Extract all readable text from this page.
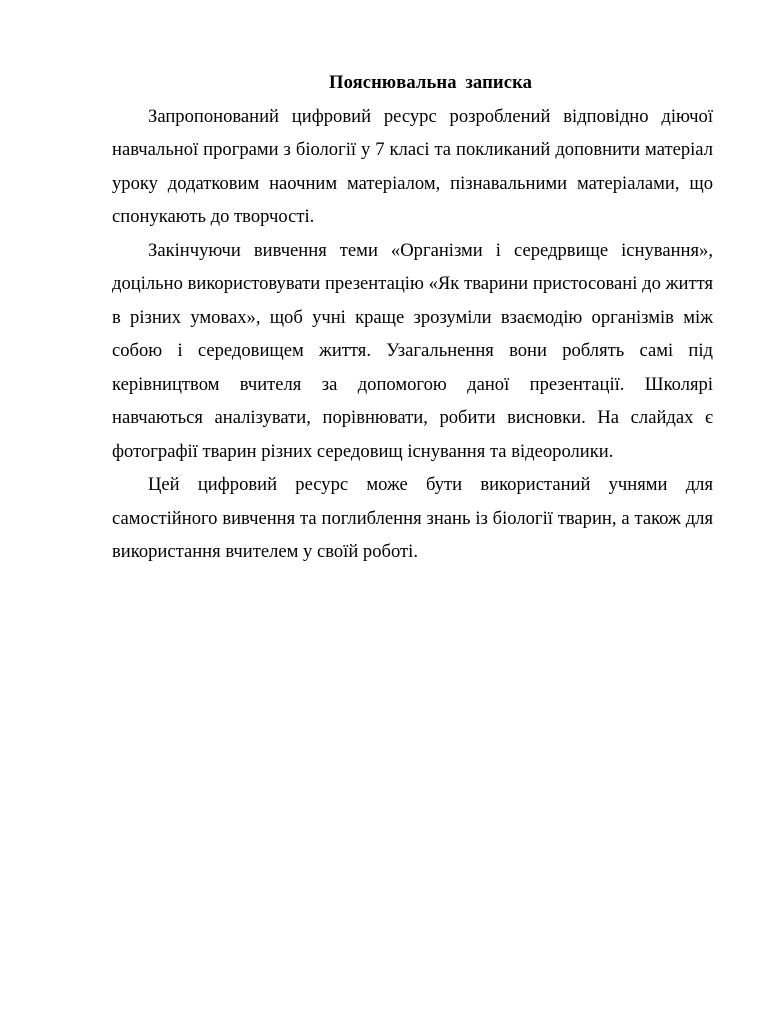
Пояснювальна записка

Запропонований цифровий ресурс розроблений відповідно діючої навчальної програми з біології у 7 класі та покликаний доповнити матеріал уроку додатковим наочним матеріалом, пізнавальними матеріалами, що спонукають до творчості.

Закінчуючи вивчення теми «Організми і середрвище існування», доцільно використовувати презентацію «Як тварини пристосовані до життя в різних умовах», щоб учні краще зрозуміли взаємодію організмів між собою і середовищем життя. Узагальнення вони роблять самі під керівництвом вчителя за допомогою даної презентації. Школярі навчаються аналізувати, порівнювати, робити висновки. На слайдах є фотографії тварин різних середовищ існування та відеоролики.

Цей цифровий ресурс може бути використаний учнями для самостійного вивчення та поглиблення знань із біології тварин, а також для використання вчителем у своїй роботі.
